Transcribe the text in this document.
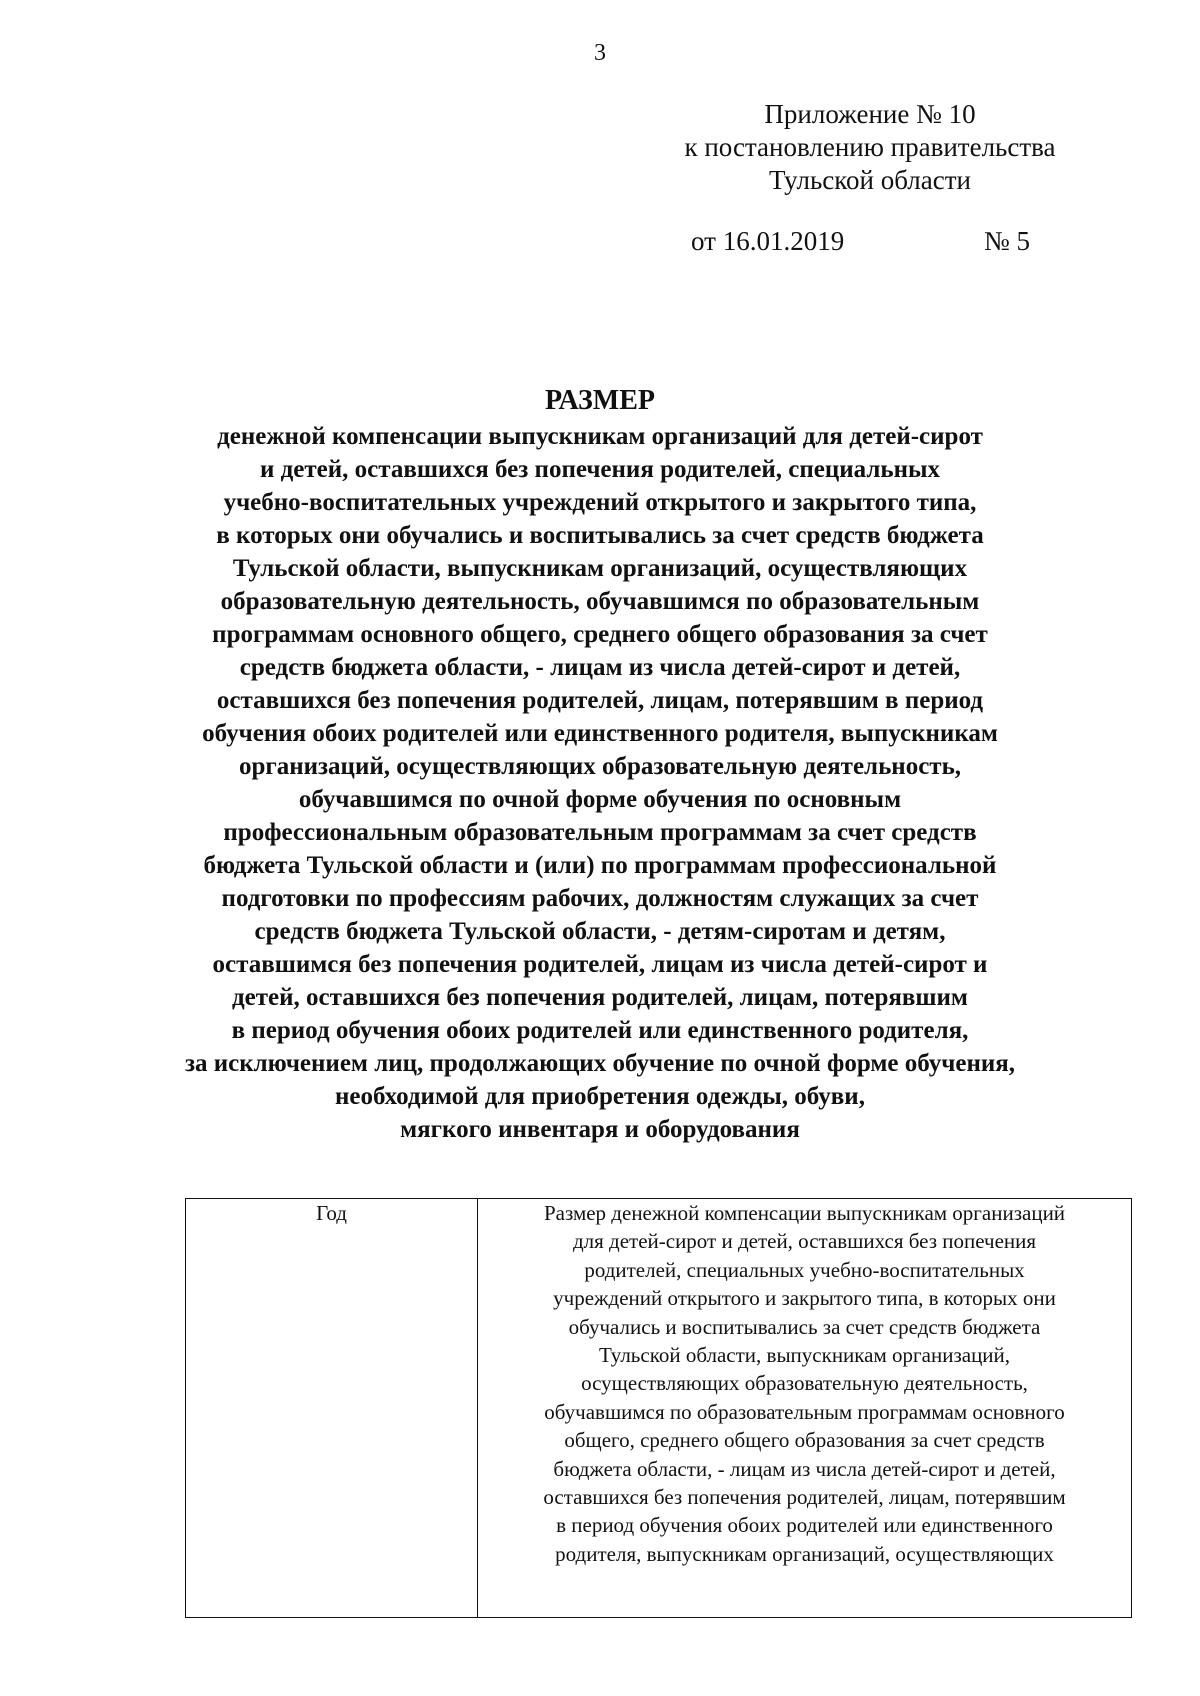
3
Приложение № 10
к постановлению правительства
Тульской области
от 16.01.2019	№ 5
РАЗМЕР
денежной компенсации выпускникам организаций для детей-сирот
и детей, оставшихся без попечения родителей, специальных
учебно-воспитательных учреждений открытого и закрытого типа,
в которых они обучались и воспитывались за счет средств бюджета
Тульской области, выпускникам организаций, осуществляющих
образовательную деятельность, обучавшимся по образовательным
программам основного общего, среднего общего образования за счет
средств бюджета области, - лицам из числа детей-сирот и детей,
оставшихся без попечения родителей, лицам, потерявшим в период
обучения обоих родителей или единственного родителя, выпускникам
организаций, осуществляющих образовательную деятельность,
обучавшимся по очной форме обучения по основным
профессиональным образовательным программам за счет средств
бюджета Тульской области и (или) по программам профессиональной
подготовки по профессиям рабочих, должностям служащих за счет
средств бюджета Тульской области, - детям-сиротам и детям,
оставшимся без попечения родителей, лицам из числа детей-сирот и
детей, оставшихся без попечения родителей, лицам, потерявшим
в период обучения обоих родителей или единственного родителя,
за исключением лиц, продолжающих обучение по очной форме обучения,
необходимой для приобретения одежды, обуви,
мягкого инвентаря и оборудования
Год	Размер денежной компенсации выпускникам организаций
для детей-сирот и детей, оставшихся без попечения
родителей, специальных учебно-воспитательных
учреждений открытого и закрытого типа, в которых они
обучались и воспитывались за счет средств бюджета
Тульской области, выпускникам организаций,
осуществляющих образовательную деятельность,
обучавшимся по образовательным программам основного
общего, среднего общего образования за счет средств
бюджета области, - лицам из числа детей-сирот и детей,
оставшихся без попечения родителей, лицам, потерявшим
в период обучения обоих родителей или единственного
родителя, выпускникам организаций, осуществляющих
